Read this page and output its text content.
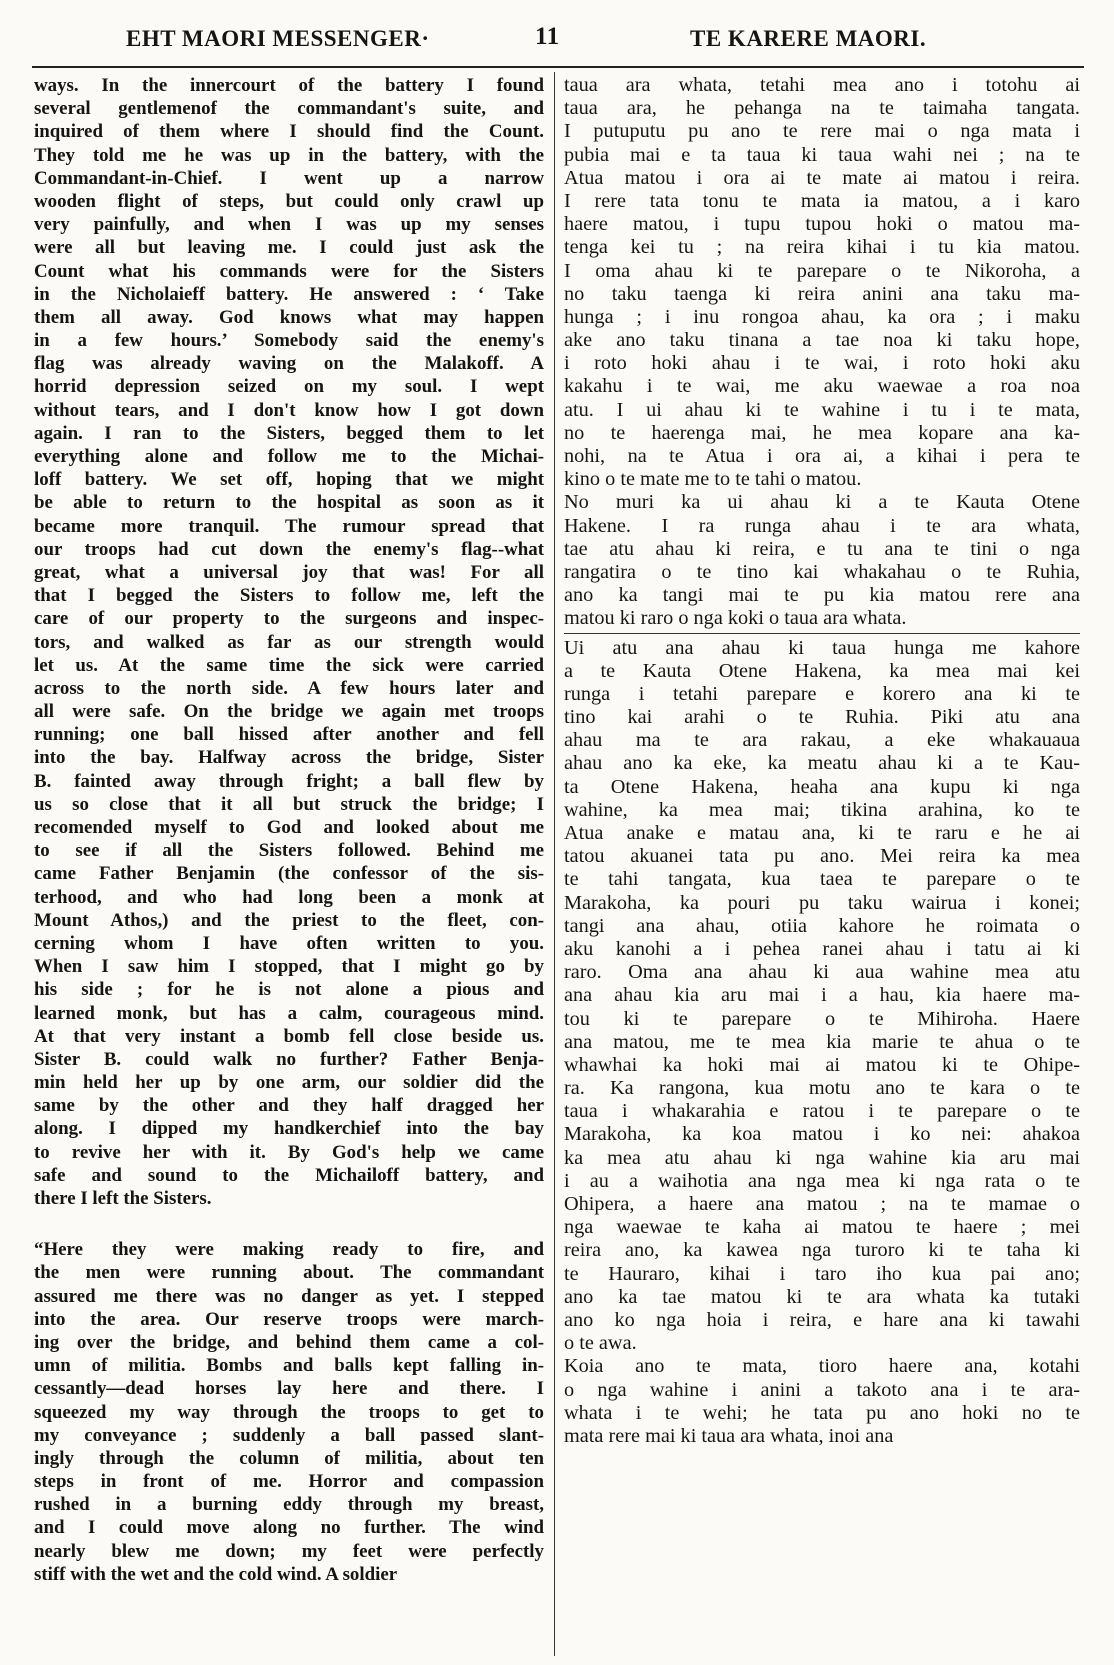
EHT MAORI MESSENGER·	11	TE KARERE MAORI.
ways. In the innercourt of the battery I found
several gentlemenof the commandant's suite, and
inquired of them where I should find the Count.
They told me he was up in the battery, with the
Commandant-in-Chief. I went up a narrow
wooden flight of steps, but could only crawl up
very painfully, and when I was up my senses
were all but leaving me. I could just ask the
Count what his commands were for the Sisters
in the Nicholaieff battery. He answered : ‘ Take
them all away. God knows what may happen
in a few hours.’ Somebody said the enemy's
flag was already waving on the Malakoff. A
horrid depression seized on my soul. I wept
without tears, and I don't know how I got down
again. I ran to the Sisters, begged them to let
everything alone and follow me to the Michai-
loff battery. We set off, hoping that we might
be able to return to the hospital as soon as it
became more tranquil. The rumour spread that
our troops had cut down the enemy's flag--what
great, what a universal joy that was! For all
that I begged the Sisters to follow me, left the
care of our property to the surgeons and inspec-
tors, and walked as far as our strength would
let us. At the same time the sick were carried
across to the north side. A few hours later and
all were safe. On the bridge we again met troops
running; one ball hissed after another and fell
into the bay. Halfway across the bridge, Sister
B. fainted away through fright; a ball flew by
us so close that it all but struck the bridge; I
recomended myself to God and looked about me
to see if all the Sisters followed. Behind me
came Father Benjamin (the confessor of the sis-
terhood, and who had long been a monk at
Mount Athos,) and the priest to the fleet, con-
cerning whom I have often written to you.
When I saw him I stopped, that I might go by
his side ; for he is not alone a pious and
learned monk, but has a calm, courageous mind.
At that very instant a bomb fell close beside us.
Sister B. could walk no further? Father Benja-
min held her up by one arm, our soldier did the
same by the other and they half dragged her
along. I dipped my handkerchief into the bay
to revive her with it. By God's help we came
safe and sound to the Michailoff battery, and
there I left the Sisters.
“Here they were making ready to fire, and
the men were running about. The commandant
assured me there was no danger as yet. I stepped
into the area. Our reserve troops were march-
ing over the bridge, and behind them came a col-
umn of militia. Bombs and balls kept falling in-
cessantly—dead horses lay here and there. I
squeezed my way through the troops to get to
my conveyance ; suddenly a ball passed slant-
ingly through the column of militia, about ten
steps in front of me. Horror and compassion
rushed in a burning eddy through my breast,
and I could move along no further. The wind
nearly blew me down; my feet were perfectly
stiff with the wet and the cold wind. A soldier
taua ara whata, tetahi mea ano i totohu ai
taua ara, he pehanga na te taimaha tangata.
I putuputu pu ano te rere mai o nga mata i
pubia mai e ta taua ki taua wahi nei ; na te
Atua matou i ora ai te mate ai matou i reira.
I rere tata tonu te mata ia matou, a i karo
haere matou, i tupu tupou hoki o matou ma-
tenga kei tu ; na reira kihai i tu kia matou.
I oma ahau ki te parepare o te Nikoroha, a
no taku taenga ki reira anini ana taku ma-
hunga ; i inu rongoa ahau, ka ora ; i maku
ake ano taku tinana a tae noa ki taku hope,
i roto hoki ahau i te wai, i roto hoki aku
kakahu i te wai, me aku waewae a roa noa
atu. I ui ahau ki te wahine i tu i te mata,
no te haerenga mai, he mea kopare ana ka-
nohi, na te Atua i ora ai, a kihai i pera te
kino o te mate me to te tahi o matou.
No muri ka ui ahau ki a te Kauta Otene
Hakene. I ra runga ahau i te ara whata,
tae atu ahau ki reira, e tu ana te tini o nga
rangatira o te tino kai whakahau o te Ruhia,
ano ka tangi mai te pu kia matou rere ana
matou ki raro o nga koki o taua ara whata.
Ui atu ana ahau ki taua hunga me kahore
a te Kauta Otene Hakena, ka mea mai kei
runga i tetahi parepare e korero ana ki te
tino kai arahi o te Ruhia. Piki atu ana
ahau ma te ara rakau, a eke whakauaua
ahau ano ka eke, ka meatu ahau ki a te Kau-
ta Otene Hakena, heaha ana kupu ki nga
wahine, ka mea mai; tikina arahina, ko te
Atua anake e matau ana, ki te raru e he ai
tatou akuanei tata pu ano. Mei reira ka mea
te tahi tangata, kua taea te parepare o te
Marakoha, ka pouri pu taku wairua i konei;
tangi ana ahau, otiia kahore he roimata o
aku kanohi a i pehea ranei ahau i tatu ai ki
raro. Oma ana ahau ki aua wahine mea atu
ana ahau kia aru mai i a hau, kia haere ma-
tou ki te parepare o te Mihiroha. Haere
ana matou, me te mea kia marie te ahua o te
whawhai ka hoki mai ai matou ki te Ohipe-
ra. Ka rangona, kua motu ano te kara o te
taua i whakarahia e ratou i te parepare o te
Marakoha, ka koa matou i ko nei: ahakoa
ka mea atu ahau ki nga wahine kia aru mai
i au a waihotia ana nga mea ki nga rata o te
Ohipera, a haere ana matou ; na te mamae o
nga waewae te kaha ai matou te haere ; mei
reira ano, ka kawea nga turoro ki te taha ki
te Hauraro, kihai i taro iho kua pai ano;
ano ka tae matou ki te ara whata ka tutaki
ano ko nga hoia i reira, e hare ana ki tawahi
o te awa.
Koia ano te mata, tioro haere ana, kotahi
o nga wahine i anini a takoto ana i te ara-
whata i te wehi; he tata pu ano hoki no te
mata rere mai ki taua ara whata, inoi ana
